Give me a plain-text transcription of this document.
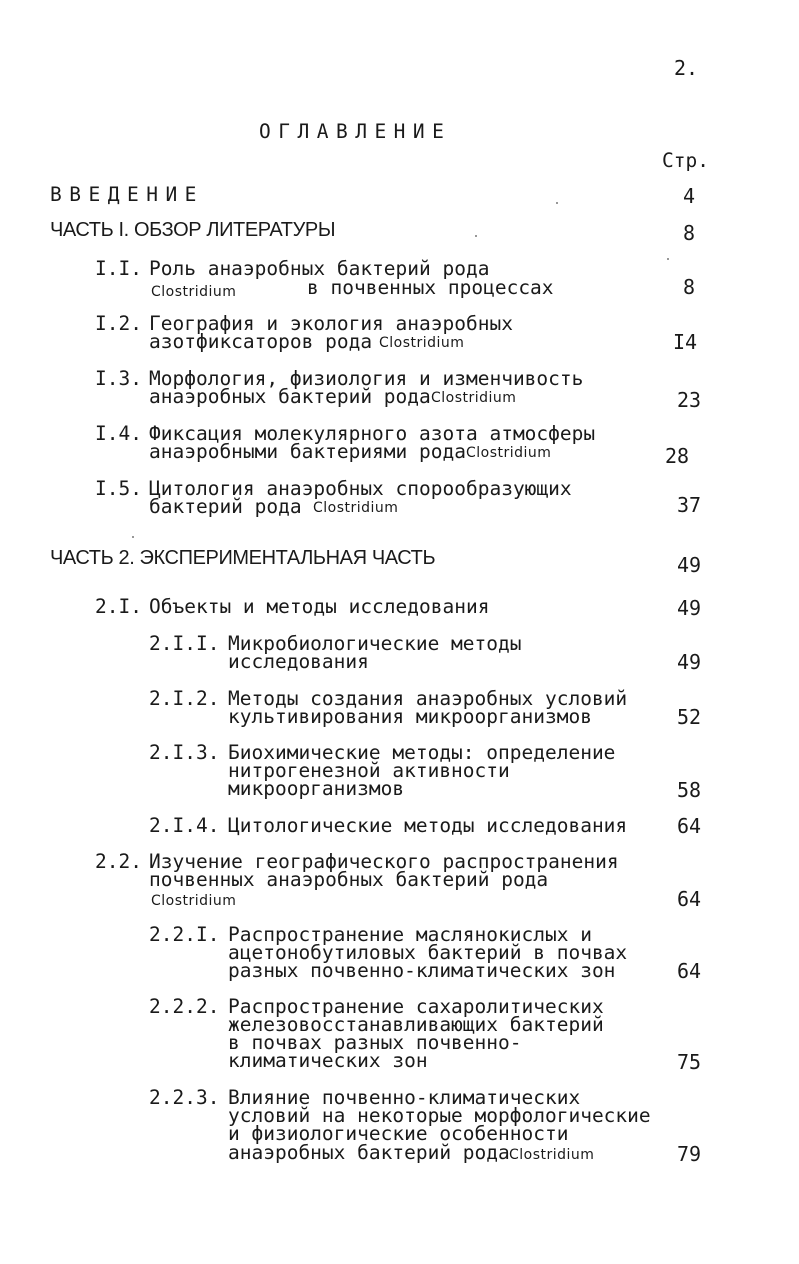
2.
ОГЛАВЛЕНИЕ
Стр.
ВВЕДЕНИЕ	4
ЧАСТЬ I. ОБЗОР ЛИТЕРАТУРЫ	8
I.I. Роль анаэробных бактерий рода
Clostridium	в почвенных процессах	8
I.2. География и экология анаэробных
азотфиксаторов рода Clostridium	I4
I.3. Морфология, физиология и изменчивость
анаэробных бактерий рода Clostridium	23
I.4. Фиксация молекулярного азота атмосферы
анаэробными бактериями рода Clostridium	28
I.5. Цитология анаэробных спорообразующих
бактерий рода Clostridium	37
ЧАСТЬ 2. ЭКСПЕРИМЕНТАЛЬНАЯ ЧАСТЬ	49
2.I. Объекты и методы исследования	49
2.I.I. Микробиологические методы
исследования	49
2.I.2. Методы создания анаэробных условий
культивирования микроорганизмов	52
2.I.3. Биохимические методы: определение
нитрогенезной активности
микроорганизмов	58
2.I.4. Цитологические методы исследования	64
2.2. Изучение географического распространения
почвенных анаэробных бактерий рода
Clostridium	64
2.2.I. Распространение маслянокислых и
ацетонобутиловых бактерий в почвах
разных почвенно-климатических зон	64
2.2.2. Распространение сахаролитических
железовосстанавливающих бактерий
в почвах разных почвенно-
климатических зон	75
2.2.3. Влияние почвенно-климатических
условий на некоторые морфологические
и физиологические особенности
анаэробных бактерий рода Clostridium	79
